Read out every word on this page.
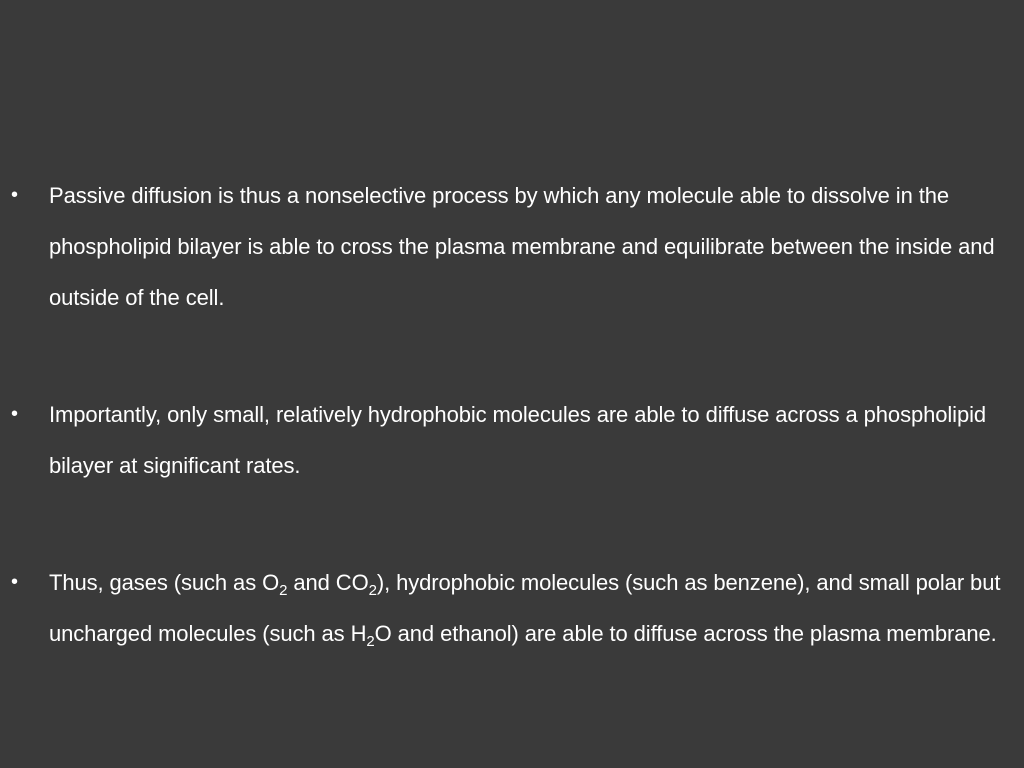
• Passive diffusion is thus a nonselective process by which any molecule able to dissolve in the phospholipid bilayer is able to cross the plasma membrane and equilibrate between the inside and outside of the cell.
• Importantly, only small, relatively hydrophobic molecules are able to diffuse across a phospholipid bilayer at significant rates.
• Thus, gases (such as $O_2$ and $CO_2$), hydrophobic molecules (such as benzene), and small polar but uncharged molecules (such as $H_2O$ and ethanol) are able to diffuse across the plasma membrane.
